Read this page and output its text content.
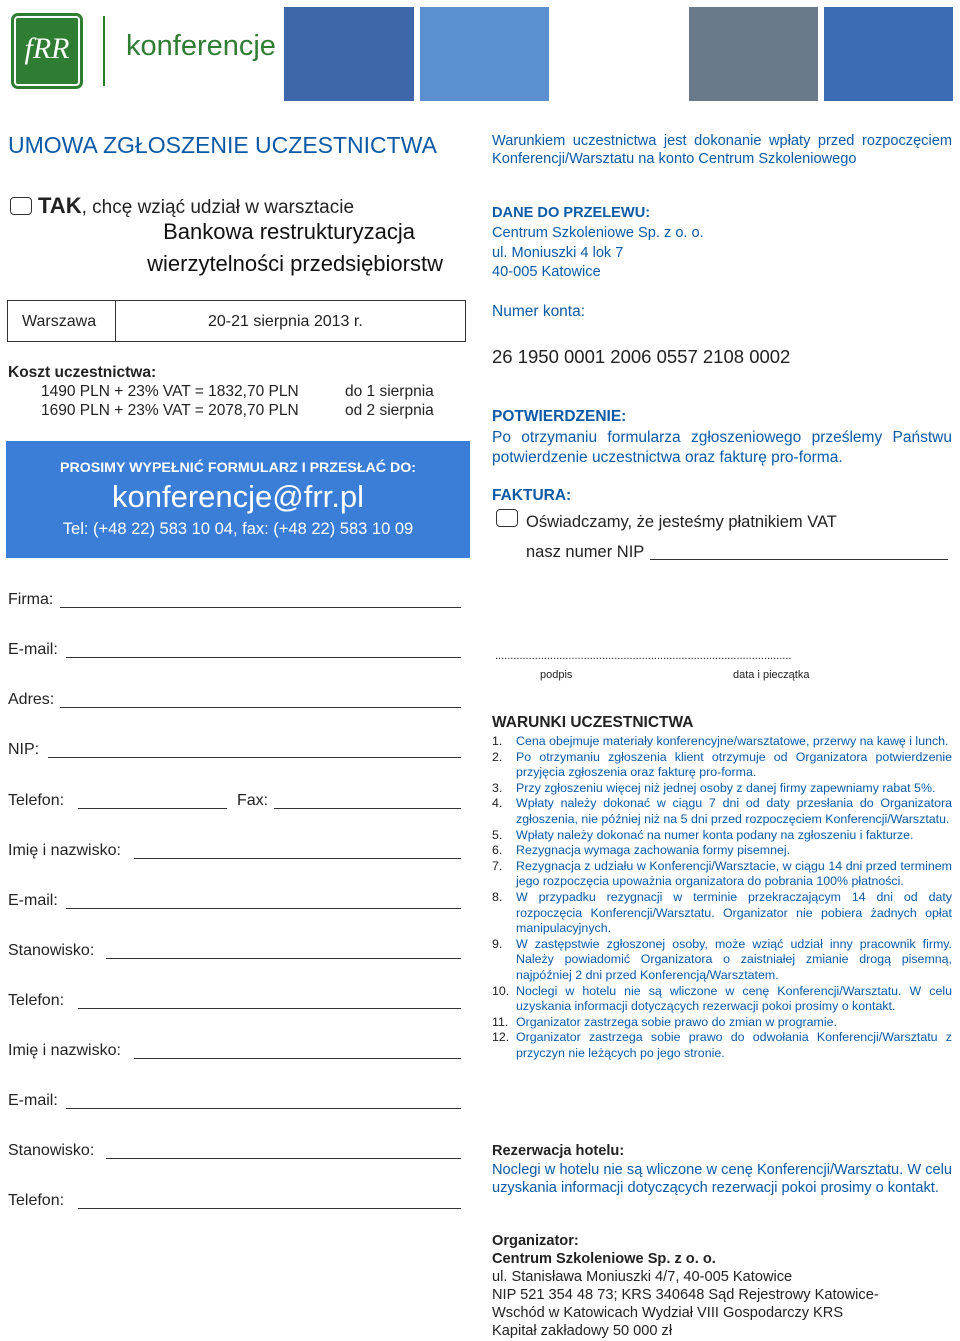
fRR	konferencje
UMOWA ZGŁOSZENIE UCZESTNICTWA
TAK, chcę wziąć udział w warsztacie
Bankowa restrukturyzacja
wierzytelności przedsiębiorstw
Warszawa	20-21 sierpnia 2013 r.
Koszt uczestnictwa:
1490 PLN + 23% VAT = 1832,70 PLN	do 1 sierpnia
1690 PLN + 23% VAT = 2078,70 PLN	od 2 sierpnia
PROSIMY WYPEŁNIĆ FORMULARZ I PRZESŁAĆ DO:
konferencje@frr.pl
Tel: (+48 22) 583 10 04, fax: (+48 22) 583 10 09
Warunkiem uczestnictwa jest dokonanie wpłaty przed rozpoczęciem Konferencji/Warsztatu na konto Centrum Szkoleniowego
DANE DO PRZELEWU:
Centrum Szkoleniowe Sp. z o. o.
ul. Moniuszki 4 lok 7
40-005 Katowice
Numer konta:
26 1950 0001 2006 0557 2108 0002
POTWIERDZENIE:
Po otrzymaniu formularza zgłoszeniowego prześlemy Państwu potwierdzenie uczestnictwa oraz fakturę pro-forma.
FAKTURA:
Oświadczamy, że jesteśmy płatnikiem VAT
nasz numer NIP
.................................................................................................
podpis	data i pieczątka
Firma:
E-mail:
Adres:
NIP:
Telefon:	Fax:
Imię i nazwisko:
E-mail:
Stanowisko:
Telefon:
Imię i nazwisko:
E-mail:
Stanowisko:
Telefon:
WARUNKI UCZESTNICTWA
1. Cena obejmuje materiały konferencyjne/warsztatowe, przerwy na kawę i lunch.
2. Po otrzymaniu zgłoszenia klient otrzymuje od Organizatora potwierdzenie przyjęcia zgłoszenia oraz fakturę pro-forma.
3. Przy zgłoszeniu więcej niż jednej osoby z danej firmy zapewniamy rabat 5%.
4. Wpłaty należy dokonać w ciągu 7 dni od daty przesłania do Organizatora zgłoszenia, nie później niż na 5 dni przed rozpoczęciem Konferencji/Warsztatu.
5. Wpłaty należy dokonać na numer konta podany na zgłoszeniu i fakturze.
6. Rezygnacja wymaga zachowania formy pisemnej.
7. Rezygnacja z udziału w Konferencji/Warsztacie, w ciągu 14 dni przed terminem jego rozpoczęcia upoważnia organizatora do pobrania 100% płatności.
8. W przypadku rezygnacji w terminie przekraczającym 14 dni od daty rozpoczęcia Konferencji/Warsztatu. Organizator nie pobiera żadnych opłat manipulacyjnych.
9. W zastępstwie zgłoszonej osoby, może wziąć udział inny pracownik firmy. Należy powiadomić Organizatora o zaistniałej zmianie drogą pisemną, najpóźniej 2 dni przed Konferencją/Warsztatem.
10. Noclegi w hotelu nie są wliczone w cenę Konferencji/Warsztatu. W celu uzyskania informacji dotyczących rezerwacji pokoi prosimy o kontakt.
11. Organizator zastrzega sobie prawo do zmian w programie.
12. Organizator zastrzega sobie prawo do odwołania Konferencji/Warsztatu z przyczyn nie leżących po jego stronie.
Rezerwacja hotelu:
Noclegi w hotelu nie są wliczone w cenę Konferencji/Warsztatu. W celu uzyskania informacji dotyczących rezerwacji pokoi prosimy o kontakt.
Organizator:
Centrum Szkoleniowe Sp. z o. o.
ul. Stanisława Moniuszki 4/7, 40-005 Katowice
NIP 521 354 48 73; KRS 340648 Sąd Rejestrowy Katowice-
Wschód w Katowicach Wydział VIII Gospodarczy KRS
Kapitał zakładowy 50 000 zł
